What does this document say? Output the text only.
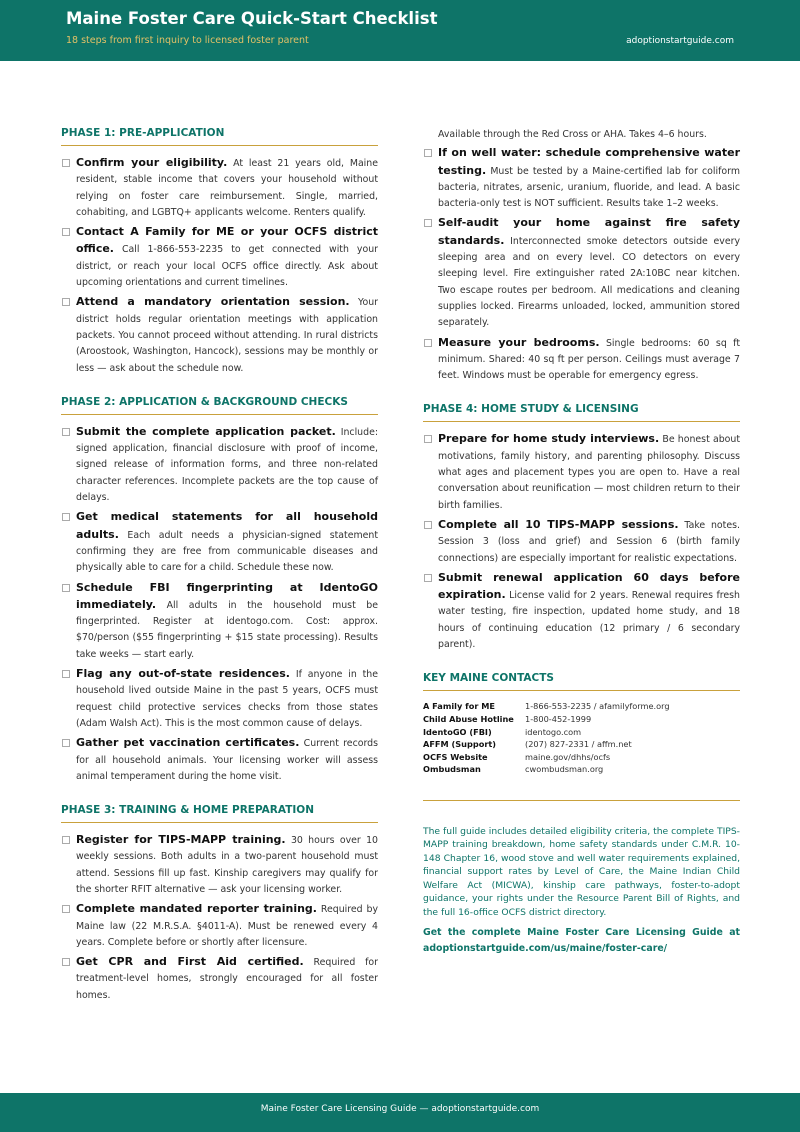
Maine Foster Care Quick-Start Checklist
18 steps from first inquiry to licensed foster parent	adoptionstartguide.com
PHASE 1: PRE-APPLICATION
Confirm your eligibility. At least 21 years old, Maine resident, stable income that covers your household without relying on foster care reimbursement. Single, married, cohabiting, and LGBTQ+ applicants welcome. Renters qualify.
Contact A Family for ME or your OCFS district office. Call 1-866-553-2235 to get connected with your district, or reach your local OCFS office directly. Ask about upcoming orientations and current timelines.
Attend a mandatory orientation session. Your district holds regular orientation meetings with application packets. You cannot proceed without attending. In rural districts (Aroostook, Washington, Hancock), sessions may be monthly or less — ask about the schedule now.
PHASE 2: APPLICATION & BACKGROUND CHECKS
Submit the complete application packet. Include: signed application, financial disclosure with proof of income, signed release of information forms, and three non-related character references. Incomplete packets are the top cause of delays.
Get medical statements for all household adults. Each adult needs a physician-signed statement confirming they are free from communicable diseases and physically able to care for a child. Schedule these now.
Schedule FBI fingerprinting at IdentoGO immediately. All adults in the household must be fingerprinted. Register at identogo.com. Cost: approx. $70/person ($55 fingerprinting + $15 state processing). Results take weeks — start early.
Flag any out-of-state residences. If anyone in the household lived outside Maine in the past 5 years, OCFS must request child protective services checks from those states (Adam Walsh Act). This is the most common cause of delays.
Gather pet vaccination certificates. Current records for all household animals. Your licensing worker will assess animal temperament during the home visit.
PHASE 3: TRAINING & HOME PREPARATION
Register for TIPS-MAPP training. 30 hours over 10 weekly sessions. Both adults in a two-parent household must attend. Sessions fill up fast. Kinship caregivers may qualify for the shorter RFIT alternative — ask your licensing worker.
Complete mandated reporter training. Required by Maine law (22 M.R.S.A. §4011-A). Must be renewed every 4 years. Complete before or shortly after licensure.
Get CPR and First Aid certified. Required for treatment-level homes, strongly encouraged for all foster homes.
Available through the Red Cross or AHA. Takes 4–6 hours.
If on well water: schedule comprehensive water testing. Must be tested by a Maine-certified lab for coliform bacteria, nitrates, arsenic, uranium, fluoride, and lead. A basic bacteria-only test is NOT sufficient. Results take 1–2 weeks.
Self-audit your home against fire safety standards. Interconnected smoke detectors outside every sleeping area and on every level. CO detectors on every sleeping level. Fire extinguisher rated 2A:10BC near kitchen. Two escape routes per bedroom. All medications and cleaning supplies locked. Firearms unloaded, locked, ammunition stored separately.
Measure your bedrooms. Single bedrooms: 60 sq ft minimum. Shared: 40 sq ft per person. Ceilings must average 7 feet. Windows must be operable for emergency egress.
PHASE 4: HOME STUDY & LICENSING
Prepare for home study interviews. Be honest about motivations, family history, and parenting philosophy. Discuss what ages and placement types you are open to. Have a real conversation about reunification — most children return to their birth families.
Complete all 10 TIPS-MAPP sessions. Take notes. Session 3 (loss and grief) and Session 6 (birth family connections) are especially important for realistic expectations.
Submit renewal application 60 days before expiration. License valid for 2 years. Renewal requires fresh water testing, fire inspection, updated home study, and 18 hours of continuing education (12 primary / 6 secondary parent).
KEY MAINE CONTACTS
A Family for ME	1-866-553-2235 / afamilyforme.org
Child Abuse Hotline	1-800-452-1999
IdentoGO (FBI)	identogo.com
AFFM (Support)	(207) 827-2331 / affm.net
OCFS Website	maine.gov/dhhs/ocfs
Ombudsman	cwombudsman.org
The full guide includes detailed eligibility criteria, the complete TIPS-MAPP training breakdown, home safety standards under C.M.R. 10-148 Chapter 16, wood stove and well water requirements explained, financial support rates by Level of Care, the Maine Indian Child Welfare Act (MICWA), kinship care pathways, foster-to-adopt guidance, your rights under the Resource Parent Bill of Rights, and the full 16-office OCFS district directory.
Get the complete Maine Foster Care Licensing Guide at adoptionstartguide.com/us/maine/foster-care/
Maine Foster Care Licensing Guide — adoptionstartguide.com
